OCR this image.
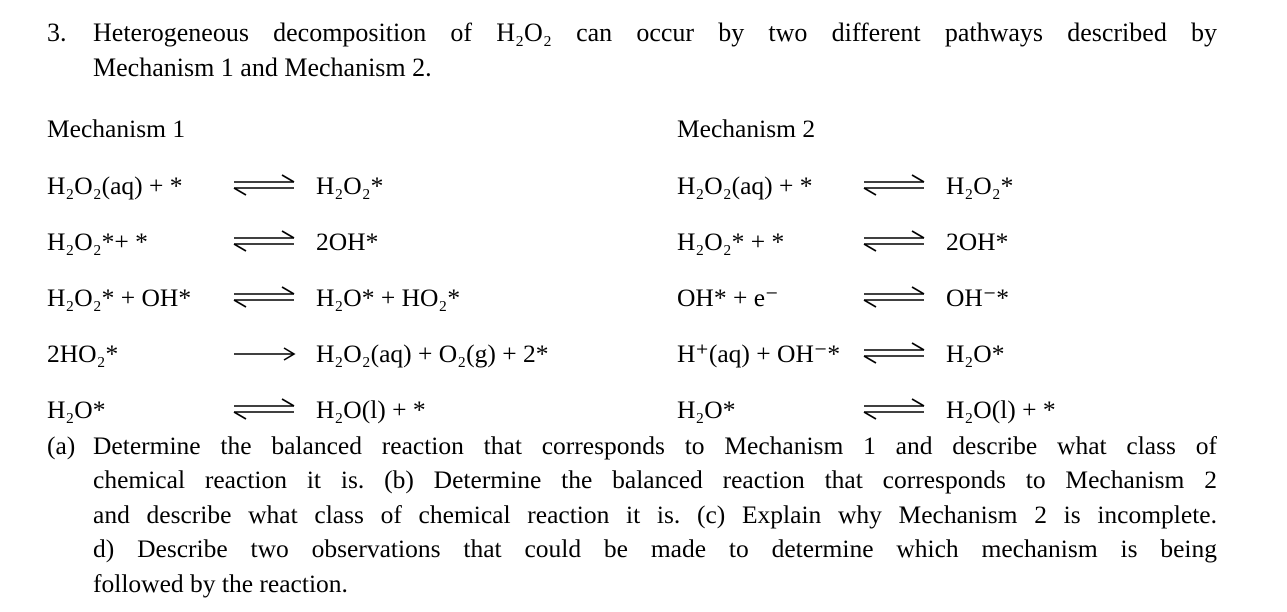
3. Heterogeneous decomposition of H₂O₂ can occur by two different pathways described by
Mechanism 1 and Mechanism 2.
Mechanism 1	Mechanism 2
H₂O₂(aq) + *	H₂O₂*
H₂O₂*+ *	2OH*
H₂O₂* + OH*	H₂O* + HO₂*
2HO₂*	H₂O₂(aq) + O₂(g) + 2*
H₂O*	H₂O(l) + *
H₂O₂(aq) + *	H₂O₂*
H₂O₂* + *	2OH*
OH* + e⁻	OH⁻*
H⁺(aq) + OH⁻*	H₂O*
H₂O*	H₂O(l) + *
(a) Determine the balanced reaction that corresponds to Mechanism 1 and describe what class of
chemical reaction it is. (b) Determine the balanced reaction that corresponds to Mechanism 2
and describe what class of chemical reaction it is. (c) Explain why Mechanism 2 is incomplete.
d) Describe two observations that could be made to determine which mechanism is being
followed by the reaction.
